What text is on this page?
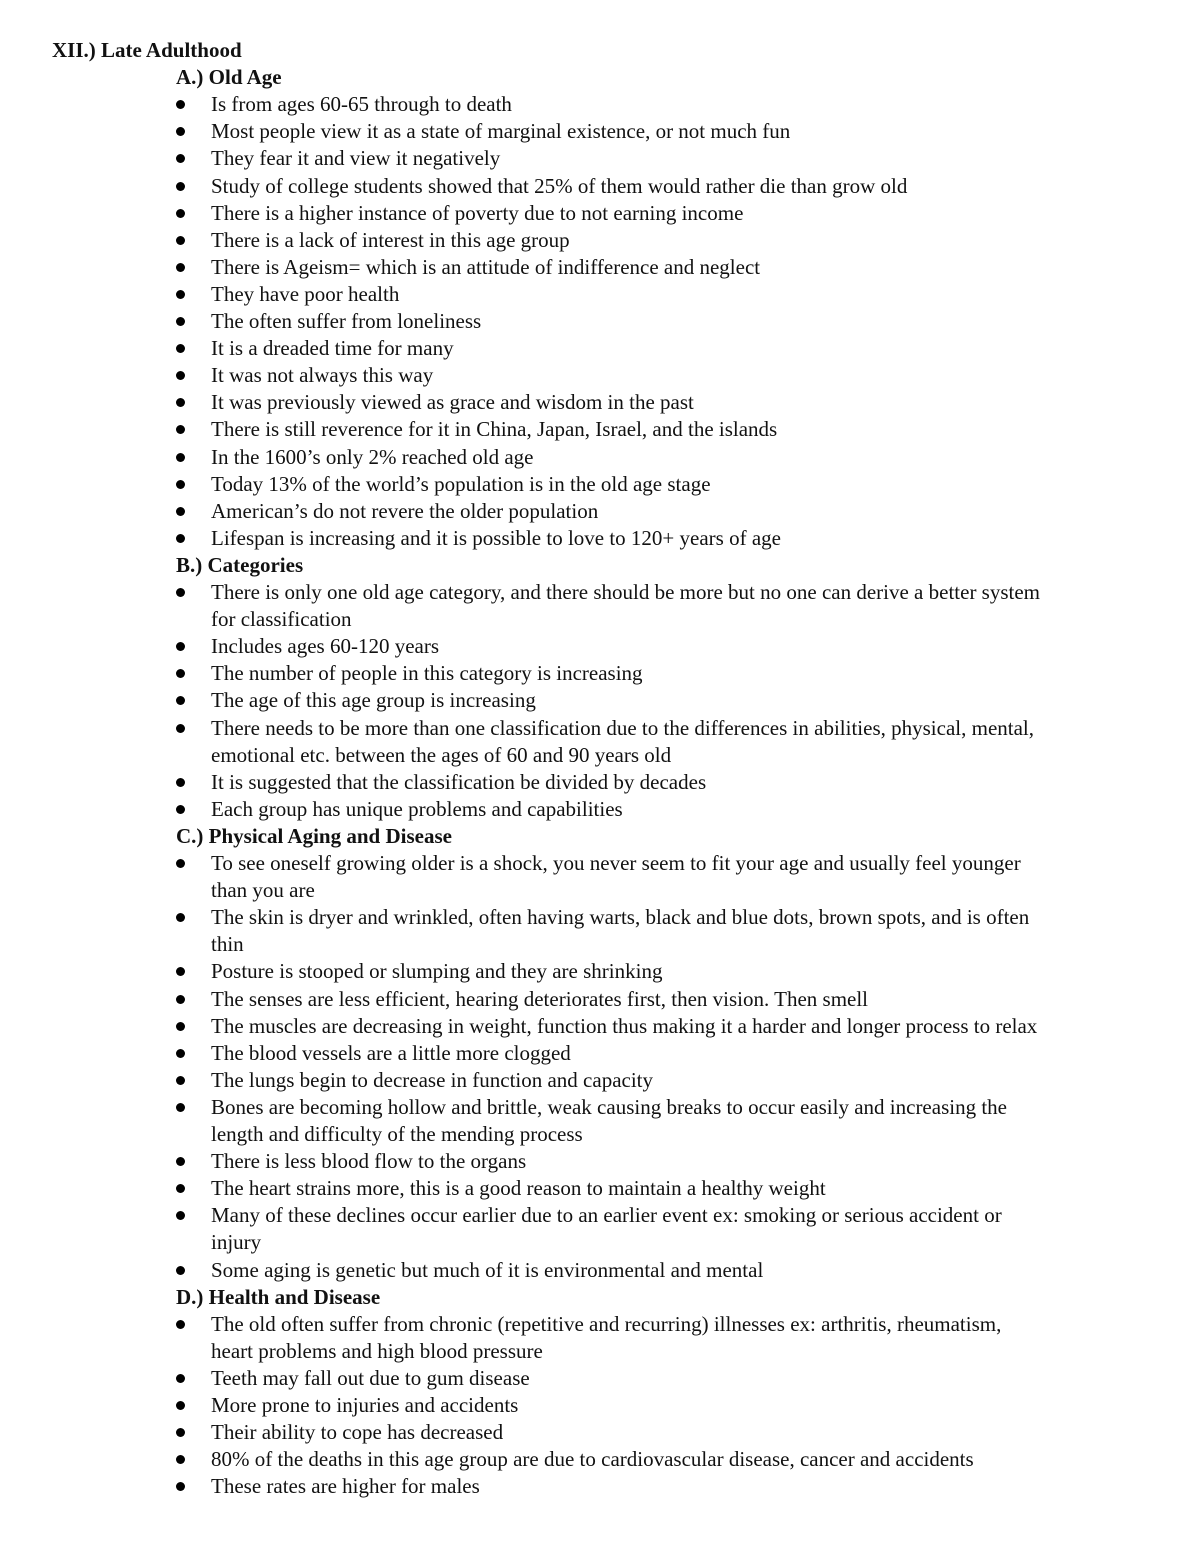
XII.) Late Adulthood
A.) Old Age
Is from ages 60-65 through to death
Most people view it as a state of marginal existence, or not much fun
They fear it and view it negatively
Study of college students showed that 25% of them would rather die than grow old
There is a higher instance of poverty due to not earning income
There is a lack of interest in this age group
There is Ageism= which is an attitude of indifference and neglect
They have poor health
The often suffer from loneliness
It is a dreaded time for many
It was not always this way
It was previously viewed as grace and wisdom in the past
There is still reverence for it in China, Japan, Israel, and the islands
In the 1600’s only 2% reached old age
Today 13% of the world’s population is in the old age stage
American’s do not revere the older population
Lifespan is increasing and it is possible to love to 120+ years of age
B.) Categories
There is only one old age category, and there should be more but no one can derive a better system
for classification
Includes ages 60-120 years
The number of people in this category is increasing
The age of this age group is increasing
There needs to be more than one classification due to the differences in abilities, physical, mental,
emotional etc. between the ages of 60 and 90 years old
It is suggested that the classification be divided by decades
Each group has unique problems and capabilities
C.) Physical Aging and Disease
To see oneself growing older is a shock, you never seem to fit your age and usually feel younger
than you are
The skin is dryer and wrinkled, often having warts, black and blue dots, brown spots, and is often
thin
Posture is stooped or slumping and they are shrinking
The senses are less efficient, hearing deteriorates first, then vision. Then smell
The muscles are decreasing in weight, function thus making it a harder and longer process to relax
The blood vessels are a little more clogged
The lungs begin to decrease in function and capacity
Bones are becoming hollow and brittle, weak causing breaks to occur easily and increasing the
length and difficulty of the mending process
There is less blood flow to the organs
The heart strains more, this is a good reason to maintain a healthy weight
Many of these declines occur earlier due to an earlier event ex: smoking or serious accident or
injury
Some aging is genetic but much of it is environmental and mental
D.) Health and Disease
The old often suffer from chronic (repetitive and recurring) illnesses ex: arthritis, rheumatism,
heart problems and high blood pressure
Teeth may fall out due to gum disease
More prone to injuries and accidents
Their ability to cope has decreased
80% of the deaths in this age group are due to cardiovascular disease, cancer and accidents
These rates are higher for males
